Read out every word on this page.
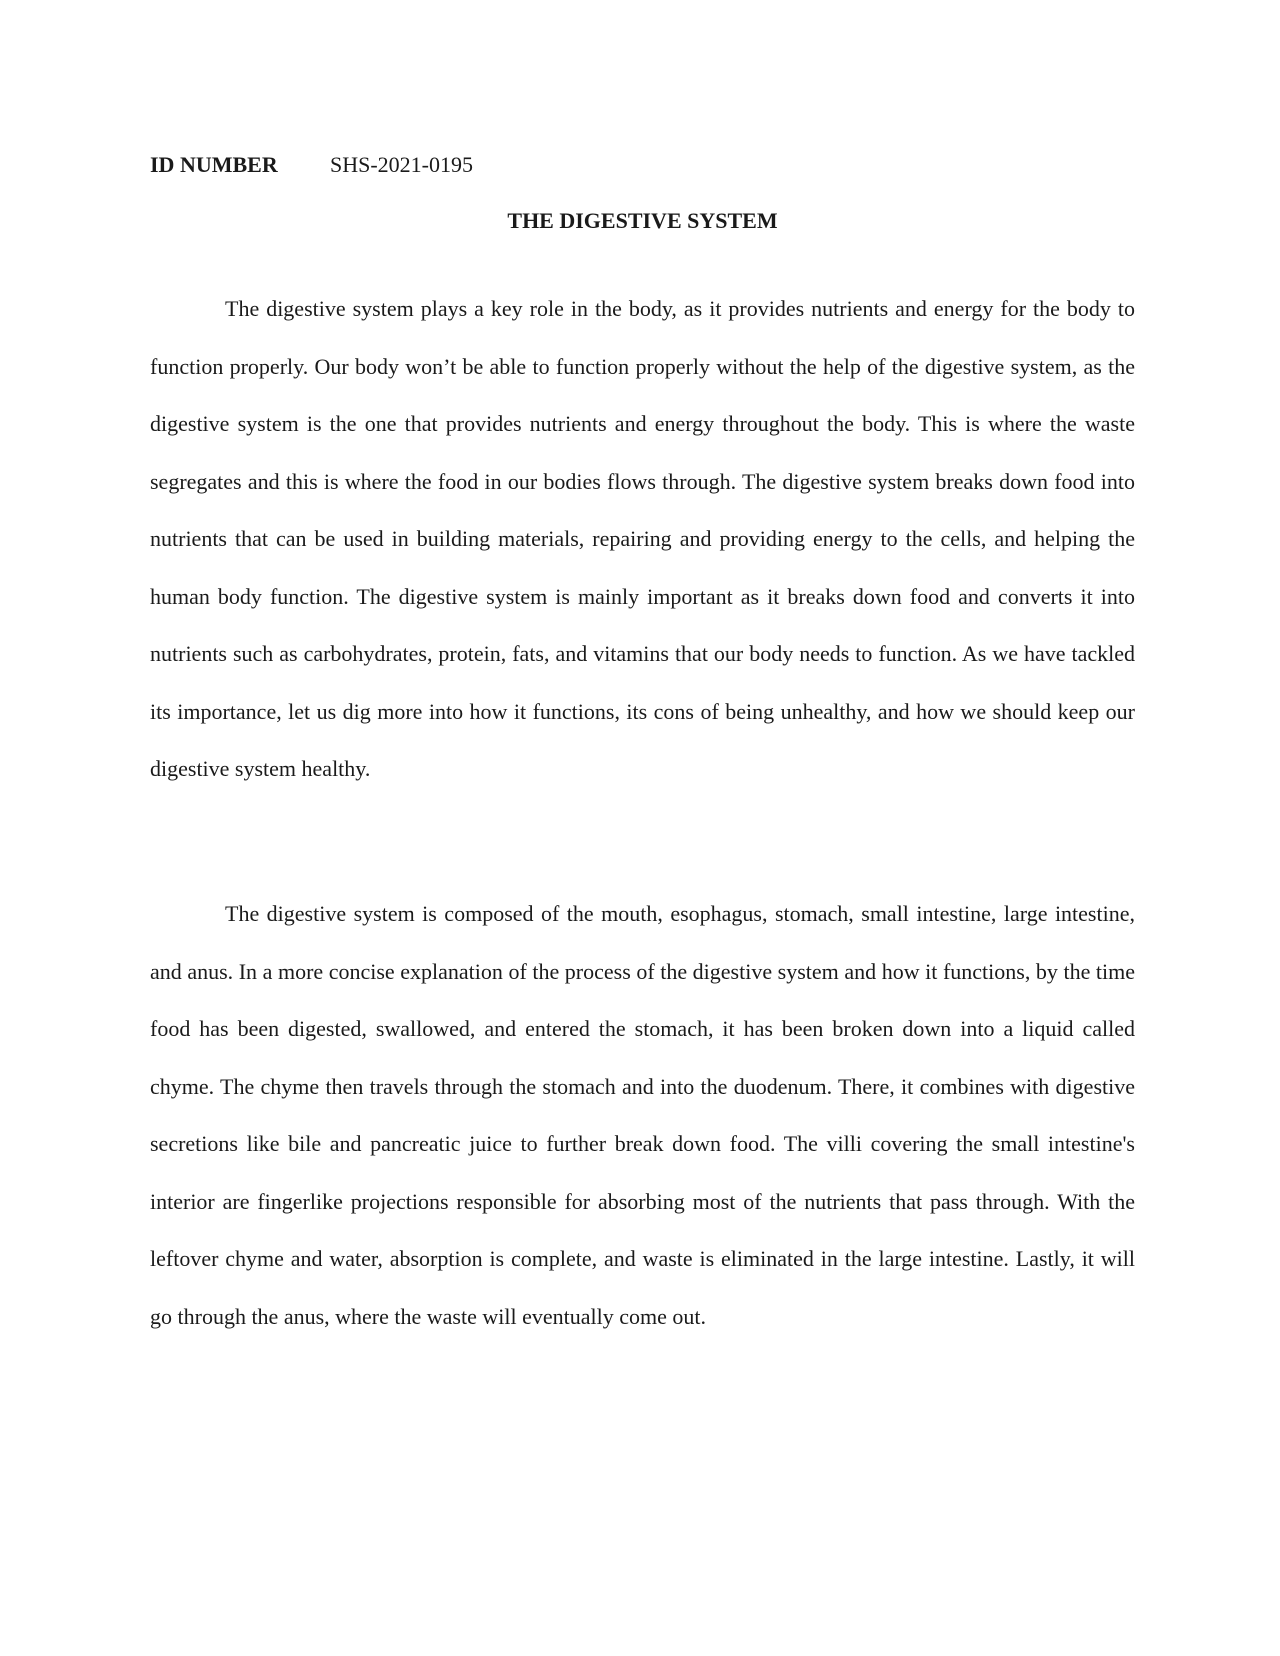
ID NUMBER SHS-2021-0195
THE DIGESTIVE SYSTEM

The digestive system plays a key role in the body, as it provides nutrients and energy for the body to function properly. Our body won’t be able to function properly without the help of the digestive system, as the digestive system is the one that provides nutrients and energy throughout the body. This is where the waste segregates and this is where the food in our bodies flows through. The digestive system breaks down food into nutrients that can be used in building materials, repairing and providing energy to the cells, and helping the human body function. The digestive system is mainly important as it breaks down food and converts it into nutrients such as carbohydrates, protein, fats, and vitamins that our body needs to function. As we have tackled its importance, let us dig more into how it functions, its cons of being unhealthy, and how we should keep our digestive system healthy.

The digestive system is composed of the mouth, esophagus, stomach, small intestine, large intestine, and anus. In a more concise explanation of the process of the digestive system and how it functions, by the time food has been digested, swallowed, and entered the stomach, it has been broken down into a liquid called chyme. The chyme then travels through the stomach and into the duodenum. There, it combines with digestive secretions like bile and pancreatic juice to further break down food. The villi covering the small intestine's interior are fingerlike projections responsible for absorbing most of the nutrients that pass through. With the leftover chyme and water, absorption is complete, and waste is eliminated in the large intestine. Lastly, it will go through the anus, where the waste will eventually come out.
